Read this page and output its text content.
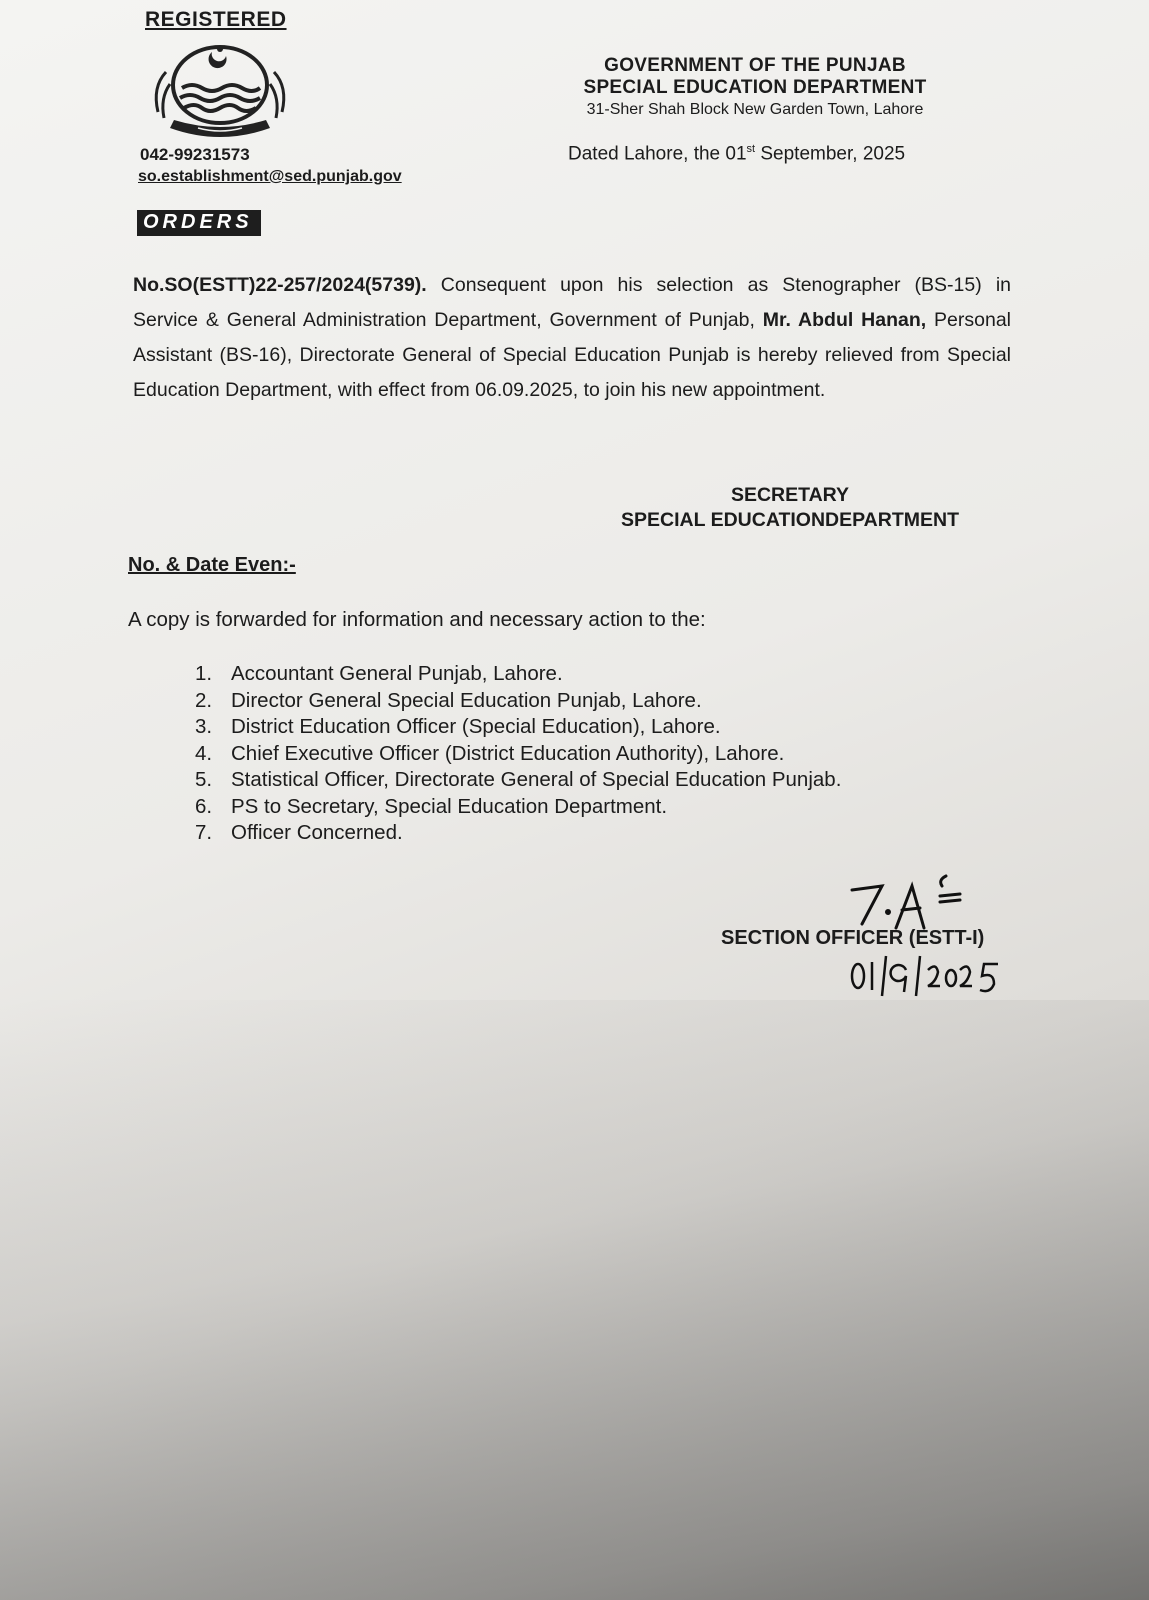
REGISTERED
042-99231573
so.establishment@sed.punjab.gov
GOVERNMENT OF THE PUNJAB
SPECIAL EDUCATION DEPARTMENT
31-Sher Shah Block New Garden Town, Lahore
Dated Lahore, the 01st September, 2025
ORDERS
No.SO(ESTT)22-257/2024(5739). Consequent upon his selection as Stenographer (BS-15) in Service & General Administration Department, Government of Punjab, Mr. Abdul Hanan, Personal Assistant (BS-16), Directorate General of Special Education Punjab is hereby relieved from Special Education Department, with effect from 06.09.2025, to join his new appointment.
SECRETARY
SPECIAL EDUCATIONDEPARTMENT
No. & Date Even:-
A copy is forwarded for information and necessary action to the:
1. Accountant General Punjab, Lahore.
2. Director General Special Education Punjab, Lahore.
3. District Education Officer (Special Education), Lahore.
4. Chief Executive Officer (District Education Authority), Lahore.
5. Statistical Officer, Directorate General of Special Education Punjab.
6. PS to Secretary, Special Education Department.
7. Officer Concerned.
SECTION OFFICER (ESTT-I)
